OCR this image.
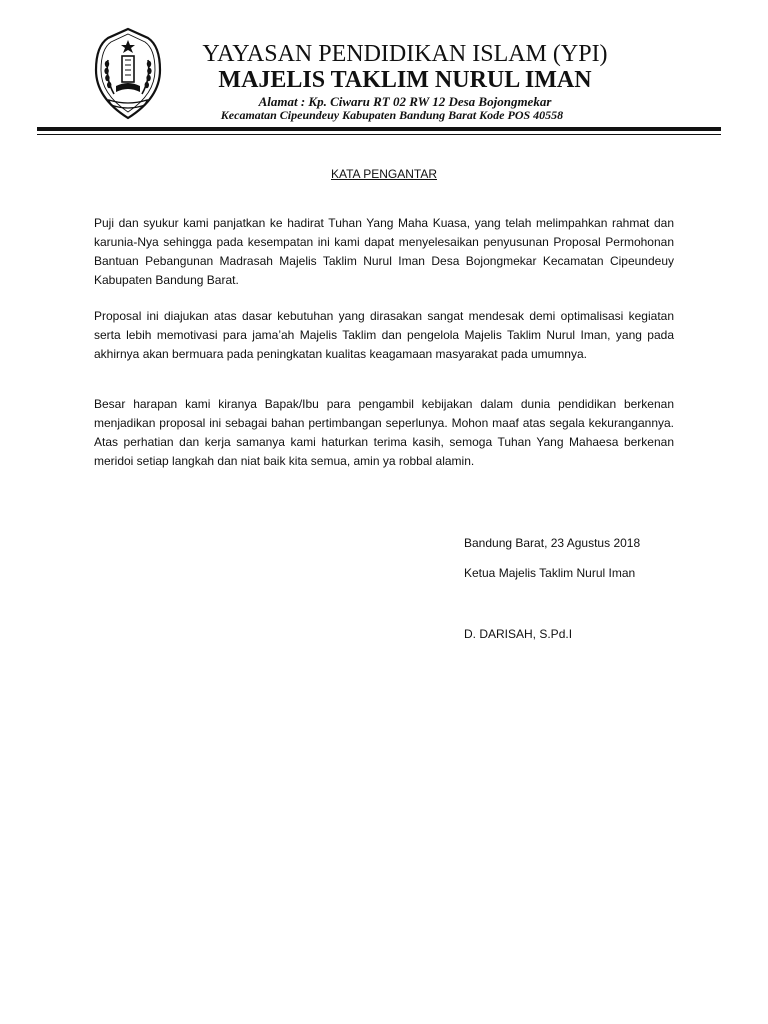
YAYASAN PENDIDIKAN ISLAM (YPI)
MAJELIS TAKLIM NURUL IMAN
Alamat : Kp. Ciwaru RT 02 RW 12 Desa Bojongmekar
Kecamatan Cipeundeuy Kabupaten Bandung Barat Kode POS 40558
KATA PENGANTAR

Puji dan syukur kami panjatkan ke hadirat Tuhan Yang Maha Kuasa, yang telah melimpahkan rahmat dan karunia-Nya sehingga pada kesempatan ini kami dapat menyelesaikan penyusunan Proposal Permohonan Bantuan Pebangunan Madrasah Majelis Taklim Nurul Iman Desa Bojongmekar Kecamatan Cipeundeuy Kabupaten Bandung Barat.

Proposal ini diajukan atas dasar kebutuhan yang dirasakan sangat mendesak demi optimalisasi kegiatan serta lebih memotivasi para jama’ah Majelis Taklim dan pengelola Majelis Taklim Nurul Iman, yang pada akhirnya akan bermuara pada peningkatan kualitas keagamaan masyarakat pada umumnya.

Besar harapan kami kiranya Bapak/Ibu para pengambil kebijakan dalam dunia pendidikan berkenan menjadikan proposal ini sebagai bahan pertimbangan seperlunya. Mohon maaf atas segala kekurangannya. Atas perhatian dan kerja samanya kami haturkan terima kasih, semoga Tuhan Yang Mahaesa berkenan meridoi setiap langkah dan niat baik kita semua, amin ya robbal alamin.

Bandung Barat, 23 Agustus 2018
Ketua Majelis Taklim Nurul Iman
D. DARISAH, S.Pd.I
